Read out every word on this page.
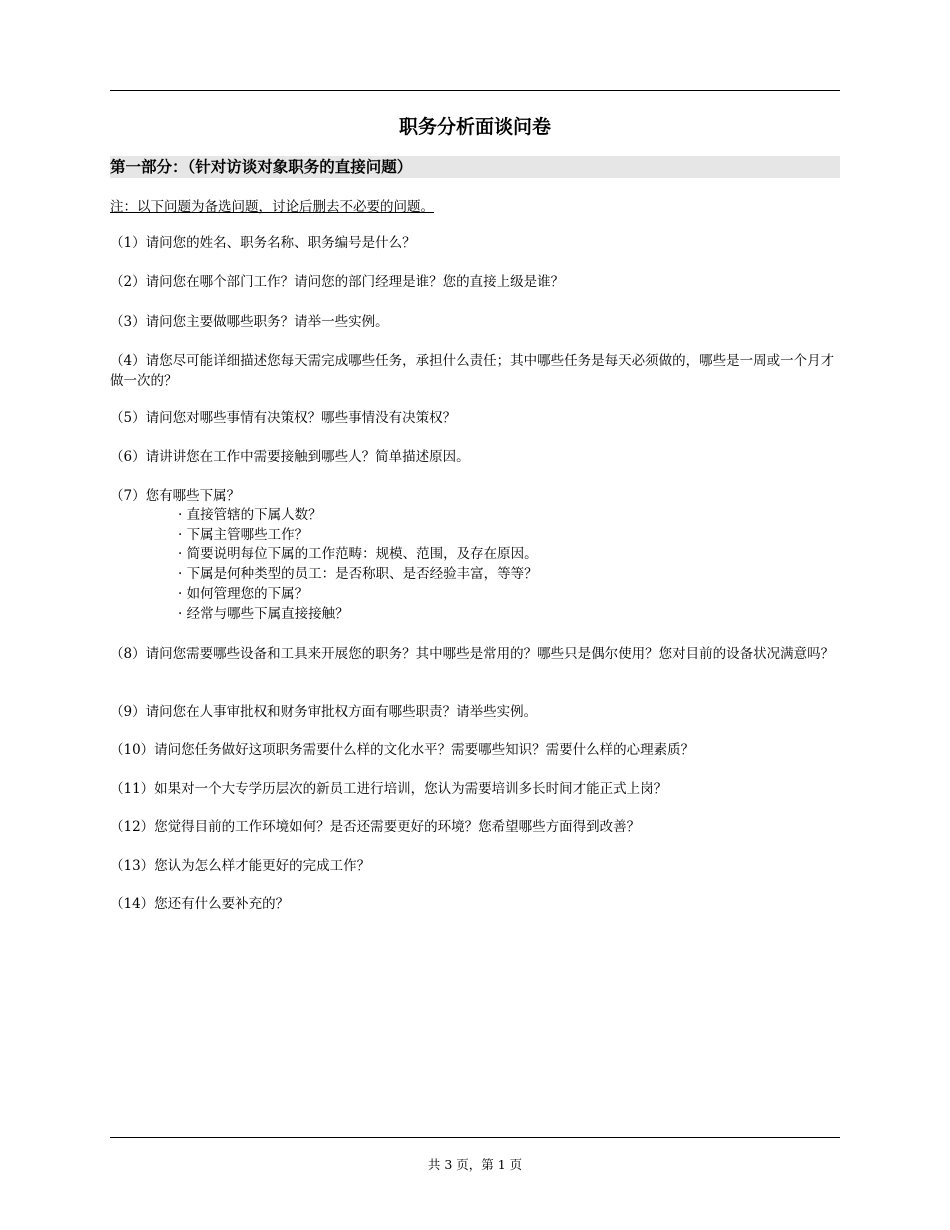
职务分析面谈问卷
第一部分：（针对访谈对象职务的直接问题）
注：以下问题为备选问题，讨论后删去不必要的问题。
（1）请问您的姓名、职务名称、职务编号是什么？
（2）请问您在哪个部门工作？请问您的部门经理是谁？您的直接上级是谁？
（3）请问您主要做哪些职务？请举一些实例。
（4）请您尽可能详细描述您每天需完成哪些任务，承担什么责任；其中哪些任务是每天必须做的，哪些是一周或一个月才做一次的？
（5）请问您对哪些事情有决策权？哪些事情没有决策权？
（6）请讲讲您在工作中需要接触到哪些人？简单描述原因。
（7）您有哪些下属？
· 直接管辖的下属人数？
· 下属主管哪些工作？
· 简要说明每位下属的工作范畴：规模、范围，及存在原因。
· 下属是何种类型的员工：是否称职、是否经验丰富，等等？
· 如何管理您的下属？
· 经常与哪些下属直接接触？
（8）请问您需要哪些设备和工具来开展您的职务？其中哪些是常用的？哪些只是偶尔使用？您对目前的设备状况满意吗？
（9）请问您在人事审批权和财务审批权方面有哪些职责？请举些实例。
（10）请问您任务做好这项职务需要什么样的文化水平？需要哪些知识？需要什么样的心理素质？
（11）如果对一个大专学历层次的新员工进行培训，您认为需要培训多长时间才能正式上岗？
（12）您觉得目前的工作环境如何？是否还需要更好的环境？您希望哪些方面得到改善？
（13）您认为怎么样才能更好的完成工作？
（14）您还有什么要补充的？
共 3 页，第 1 页
